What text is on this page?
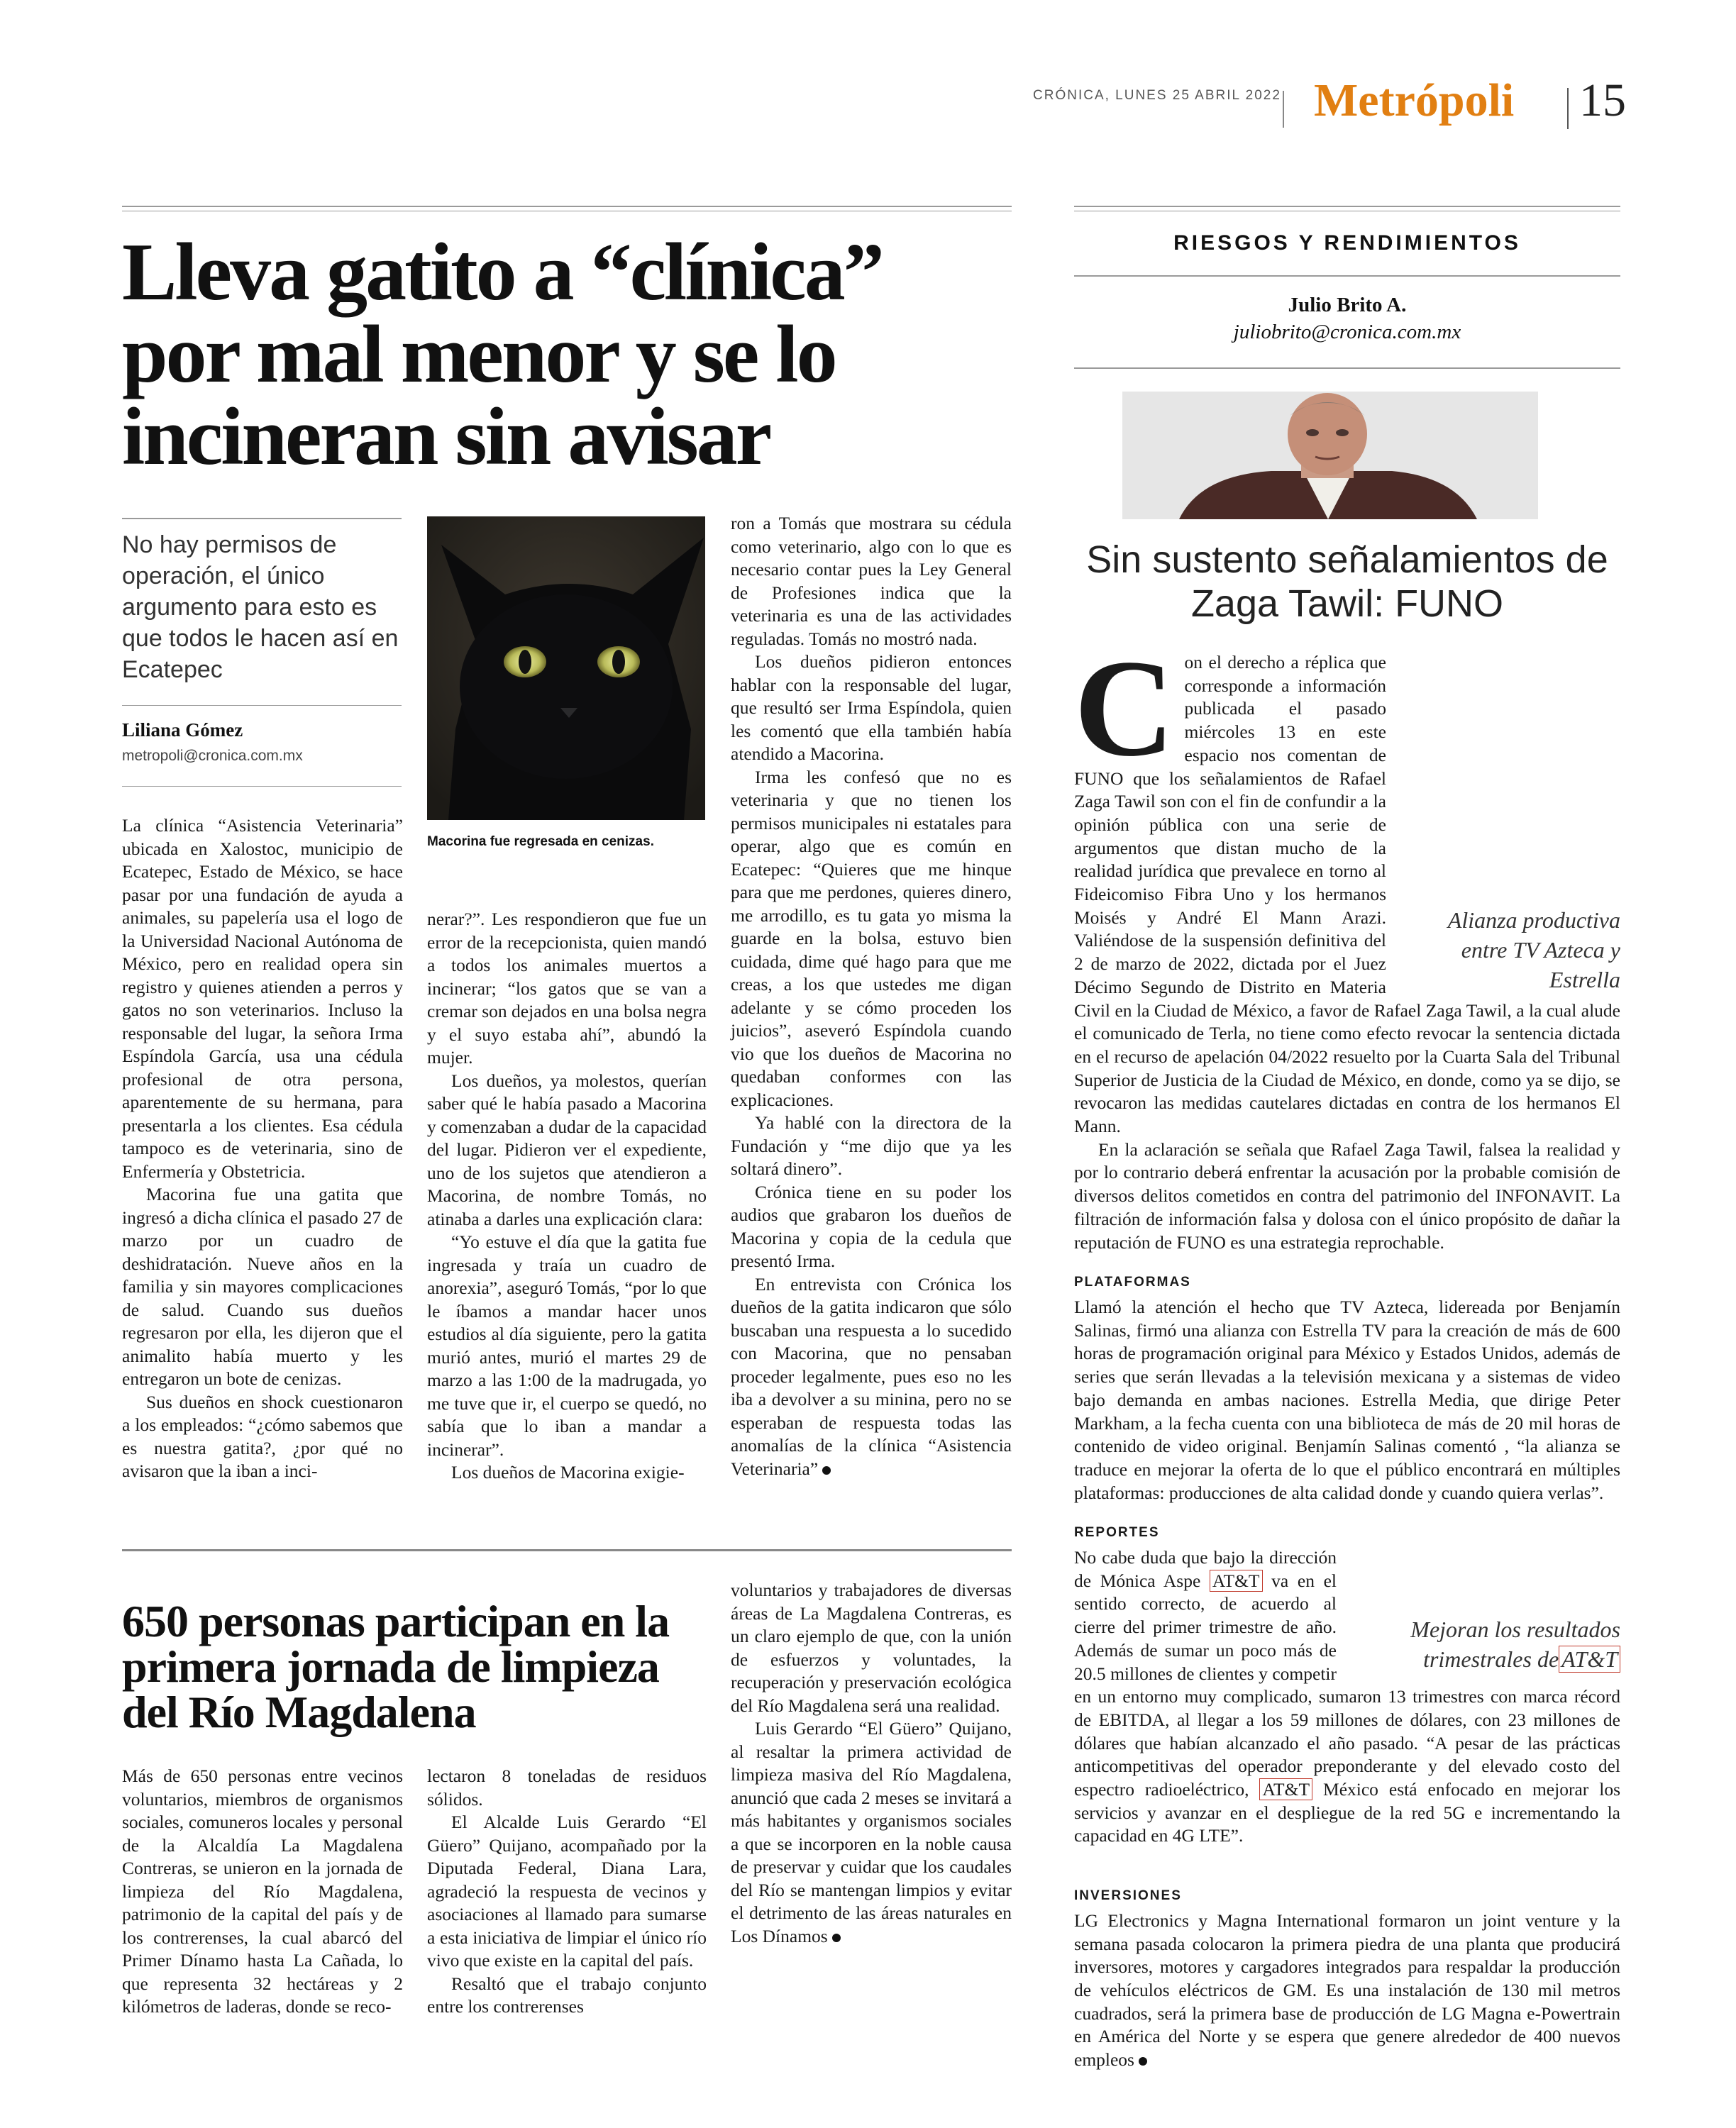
CRÓNICA, LUNES 25 ABRIL 2022 Metrópoli 15
Lleva gatito a “clínica” por mal menor y se lo incineran sin avisar
No hay permisos de operación, el único argumento para esto es que todos le hacen así en Ecatepec
Liliana Gómez
metropoli@cronica.com.mx
Macorina fue regresada en cenizas.

La clínica “Asistencia Veterinaria” ubicada en Xalostoc, municipio de Ecatepec, Estado de México, se hace pasar por una fundación de ayuda a animales, su papelería usa el logo de la Universidad Nacional Autónoma de México, pero en realidad opera sin registro y quienes atienden a perros y gatos no son veterinarios. Incluso la responsable del lugar, la señora Irma Espíndola García, usa una cédula profesional de otra persona, aparentemente de su hermana, para presentarla a los clientes. Esa cédula tampoco es de veterinaria, sino de Enfermería y Obstetricia.

Macorina fue una gatita que ingresó a dicha clínica el pasado 27 de marzo por un cuadro de deshidratación. Nueve años en la familia y sin mayores complicaciones de salud. Cuando sus dueños regresaron por ella, les dijeron que el animalito había muerto y les entregaron un bote de cenizas.

Sus dueños en shock cuestionaron a los empleados: “¿cómo sabemos que es nuestra gatita?, ¿por qué no avisaron que la iban a inci-

nerar?”. Les respondieron que fue un error de la recepcionista, quien mandó a todos los animales muertos a incinerar; “los gatos que se van a cremar son dejados en una bolsa negra y el suyo estaba ahí”, abundó la mujer.

Los dueños, ya molestos, querían saber qué le había pasado a Macorina y comenzaban a dudar de la capacidad del lugar. Pidieron ver el expediente, uno de los sujetos que atendieron a Macorina, de nombre Tomás, no atinaba a darles una explicación clara:

“Yo estuve el día que la gatita fue ingresada y traía un cuadro de anorexia”, aseguró Tomás, “por lo que le íbamos a mandar hacer unos estudios al día siguiente, pero la gatita murió antes, murió el martes 29 de marzo a las 1:00 de la madrugada, yo me tuve que ir, el cuerpo se quedó, no sabía que lo iban a mandar a incinerar”.

Los dueños de Macorina exigie-

ron a Tomás que mostrara su cédula como veterinario, algo con lo que es necesario contar pues la Ley General de Profesiones indica que la veterinaria es una de las actividades reguladas. Tomás no mostró nada.

Los dueños pidieron entonces hablar con la responsable del lugar, que resultó ser Irma Espíndola, quien les comentó que ella también había atendido a Macorina.

Irma les confesó que no es veterinaria y que no tienen los permisos municipales ni estatales para operar, algo que es común en Ecatepec: “Quieres que me hinque para que me perdones, quieres dinero, me arrodillo, es tu gata yo misma la guarde en la bolsa, estuvo bien cuidada, dime qué hago para que me creas, a los que ustedes me digan adelante y se cómo proceden los juicios”, aseveró Espíndola cuando vio que los dueños de Macorina no quedaban conformes con las explicaciones.

Ya hablé con la directora de la Fundación y “me dijo que ya les soltará dinero”.

Crónica tiene en su poder los audios que grabaron los dueños de Macorina y copia de la cedula que presentó Irma.

En entrevista con Crónica los dueños de la gatita indicaron que sólo buscaban una respuesta a lo sucedido con Macorina, que no pensaban proceder legalmente, pues eso no les iba a devolver a su minina, pero no se esperaban de respuesta todas las anomalías de la clínica “Asistencia Veterinaria”

650 personas participan en la primera jornada de limpieza del Río Magdalena

Más de 650 personas entre vecinos voluntarios, miembros de organismos sociales, comuneros locales y personal de la Alcaldía La Magdalena Contreras, se unieron en la jornada de limpieza del Río Magdalena, patrimonio de la capital del país y de los contrerenses, la cual abarcó del Primer Dínamo hasta La Cañada, lo que representa 32 hectáreas y 2 kilómetros de laderas, donde se reco-

lectaron 8 toneladas de residuos sólidos.

El Alcalde Luis Gerardo “El Güero” Quijano, acompañado por la Diputada Federal, Diana Lara, agradeció la respuesta de vecinos y asociaciones al llamado para sumarse a esta iniciativa de limpiar el único río vivo que existe en la capital del país.

Resaltó que el trabajo conjunto entre los contrerenses

voluntarios y trabajadores de diversas áreas de La Magdalena Contreras, es un claro ejemplo de que, con la unión de esfuerzos y voluntades, la recuperación y preservación ecológica del Río Magdalena será una realidad.

Luis Gerardo “El Güero” Quijano, al resaltar la primera actividad de limpieza masiva del Río Magdalena, anunció que cada 2 meses se invitará a más habitantes y organismos sociales a que se incorporen en la noble causa de preservar y cuidar que los caudales del Río se mantengan limpios y evitar el detrimento de las áreas naturales en Los Dínamos

RIESGOS Y RENDIMIENTOS
Julio Brito A.
juliobrito@cronica.com.mx
Sin sustento señalamientos de Zaga Tawil: FUNO

C
Alianza productiva entre TV Azteca y Estrella
on el derecho a réplica que corresponde a información publicada el pasado miércoles 13 en este espacio nos comentan de FUNO que los señalamientos de Rafael Zaga Tawil son con el fin de confundir a la opinión pública con una serie de argumentos que distan mucho de la realidad jurídica que prevalece en torno al Fideicomiso Fibra Uno y los hermanos Moisés y André El Mann Arazi. Valiéndose de la suspensión definitiva del 2 de marzo de 2022, dictada por el Juez Décimo Segundo de Distrito en Materia Civil en la Ciudad de México, a favor de Rafael Zaga Tawil, a la cual alude el comunicado de Terla, no tiene como efecto revocar la sentencia dictada en el recurso de apelación 04/2022 resuelto por la Cuarta Sala del Tribunal Superior de Justicia de la Ciudad de México, en donde, como ya se dijo, se revocaron las medidas cautelares dictadas en contra de los hermanos El Mann.

En la aclaración se señala que Rafael Zaga Tawil, falsea la realidad y por lo contrario deberá enfrentar la acusación por la probable comisión de diversos delitos cometidos en contra del patrimonio del INFONAVIT. La filtración de información falsa y dolosa con el único propósito de dañar la reputación de FUNO es una estrategia reprochable.

PLATAFORMAS

Llamó la atención el hecho que TV Azteca, lidereada por Benjamín Salinas, firmó una alianza con Estrella TV para la creación de más de 600 horas de programación original para México y Estados Unidos, además de series que serán llevadas a la televisión mexicana y a sistemas de video bajo demanda en ambas naciones. Estrella Media, que dirige Peter Markham, a la fecha cuenta con una biblioteca de más de 20 mil horas de contenido de video original. Benjamín Salinas comentó , “la alianza se traduce en mejorar la oferta de lo que el público encontrará en múltiples plataformas: producciones de alta calidad donde y cuando quiera verlas”.

REPORTES

Mejoran los resultados trimestrales de AT&T
No cabe duda que bajo la dirección de Mónica Aspe AT&T va en el sentido correcto, de acuerdo al cierre del primer trimestre de año. Además de sumar un poco más de 20.5 millones de clientes y competir en un entorno muy complicado, sumaron 13 trimestres con marca récord de EBITDA, al llegar a los 59 millones de dólares, con 23 millones de dólares que habían alcanzado el año pasado. “A pesar de las prácticas anticompetitivas del operador preponderante y del elevado costo del espectro radioeléctrico, AT&T México está enfocado en mejorar los servicios y avanzar en el despliegue de la red 5G e incrementando la capacidad en 4G LTE”.

INVERSIONES

LG Electronics y Magna International formaron un joint venture y la semana pasada colocaron la primera piedra de una planta que producirá inversores, motores y cargadores integrados para respaldar la producción de vehículos eléctricos de GM. Es una instalación de 130 mil metros cuadrados, será la primera base de producción de LG Magna e-Powertrain en América del Norte y se espera que genere alrededor de 400 nuevos empleos
